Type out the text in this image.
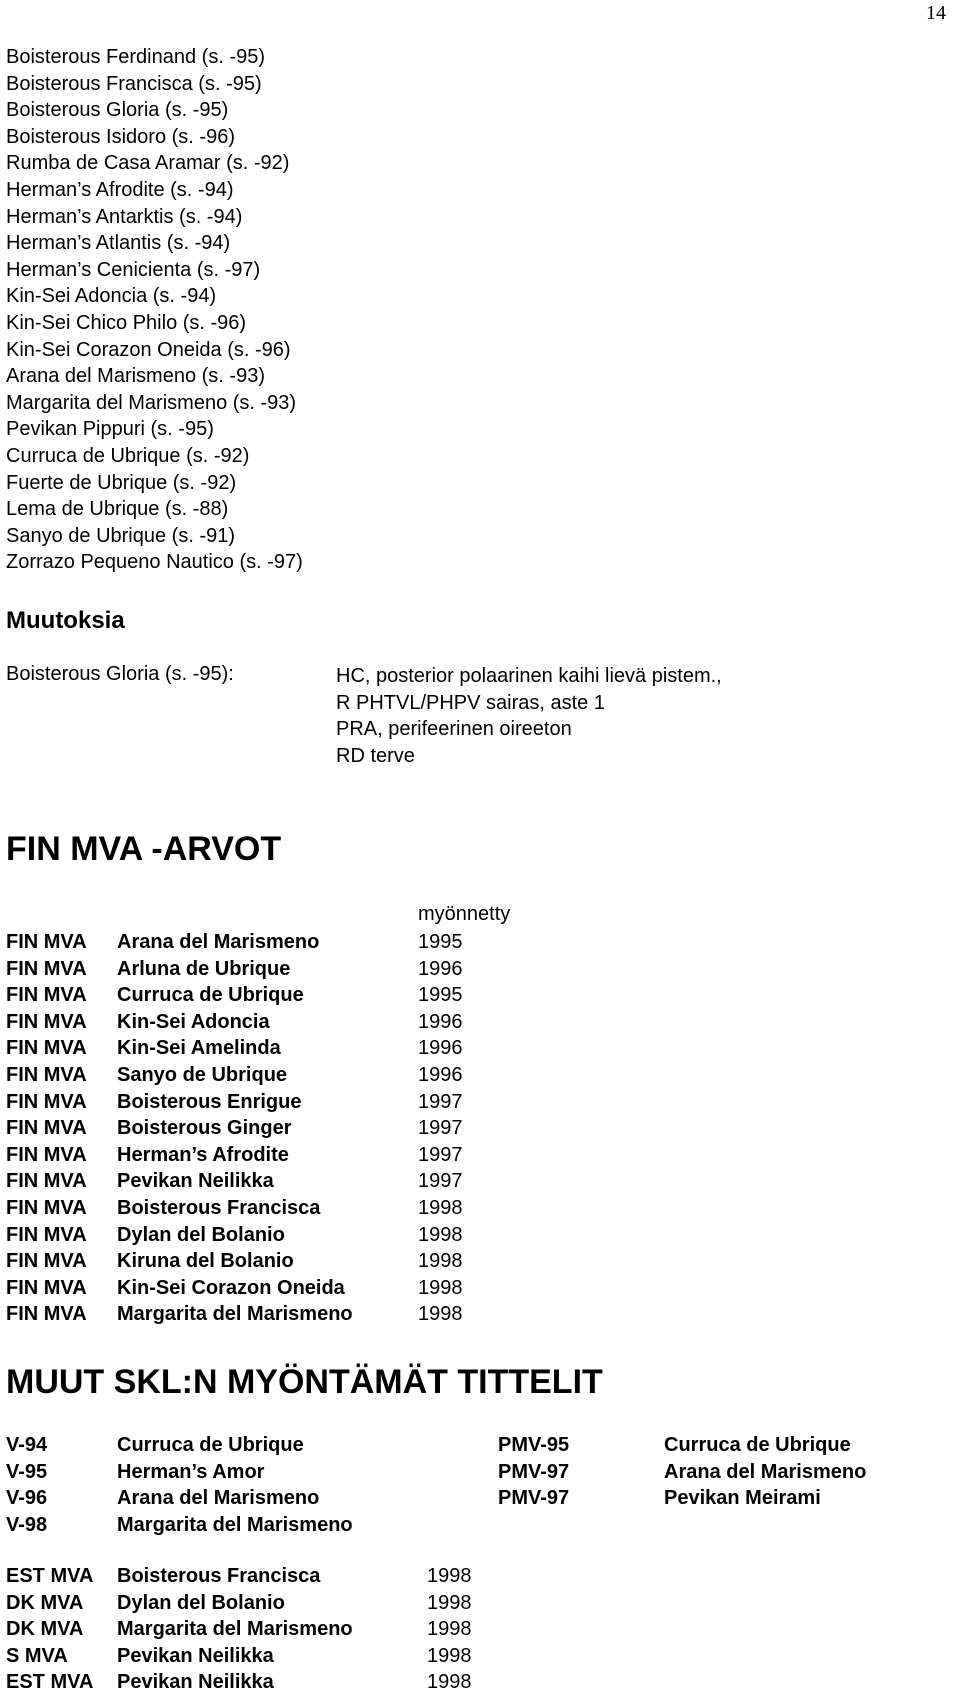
14
Boisterous Ferdinand (s. -95)
Boisterous Francisca (s. -95)
Boisterous Gloria (s. -95)
Boisterous Isidoro (s. -96)
Rumba de Casa Aramar (s. -92)
Herman’s Afrodite (s. -94)
Herman’s Antarktis (s. -94)
Herman’s Atlantis (s. -94)
Herman’s Cenicienta (s. -97)
Kin-Sei Adoncia (s. -94)
Kin-Sei Chico Philo (s. -96)
Kin-Sei Corazon Oneida (s. -96)
Arana del Marismeno (s. -93)
Margarita del Marismeno (s. -93)
Pevikan Pippuri (s. -95)
Curruca de Ubrique (s. -92)
Fuerte de Ubrique (s. -92)
Lema de Ubrique (s. -88)
Sanyo de Ubrique (s. -91)
Zorrazo Pequeno Nautico (s. -97)
Muutoksia
Boisterous Gloria (s. -95):	HC, posterior polaarinen kaihi lievä pistem.,
R PHTVL/PHPV sairas, aste 1
PRA, perifeerinen oireeton
RD terve
FIN MVA -ARVOT
myönnetty
FIN MVA Arana del Marismeno	1995
FIN MVA Arluna de Ubrique	1996
FIN MVA Curruca de Ubrique	1995
FIN MVA Kin-Sei Adoncia	1996
FIN MVA Kin-Sei Amelinda	1996
FIN MVA Sanyo de Ubrique	1996
FIN MVA Boisterous Enrigue	1997
FIN MVA Boisterous Ginger	1997
FIN MVA Herman’s Afrodite	1997
FIN MVA Pevikan Neilikka	1997
FIN MVA Boisterous Francisca	1998
FIN MVA Dylan del Bolanio	1998
FIN MVA Kiruna del Bolanio	1998
FIN MVA Kin-Sei Corazon Oneida	1998
FIN MVA Margarita del Marismeno	1998
MUUT SKL:N MYÖNTÄMÄT TITTELIT
V-94	Curruca de Ubrique	PMV-95	Curruca de Ubrique
V-95	Herman’s Amor	PMV-97	Arana del Marismeno
V-96	Arana del Marismeno	PMV-97	Pevikan Meirami
V-98	Margarita del Marismeno
EST MVA Boisterous Francisca	1998
DK MVA Dylan del Bolanio	1998
DK MVA Margarita del Marismeno	1998
S MVA Pevikan Neilikka	1998
EST MVA Pevikan Neilikka	1998
